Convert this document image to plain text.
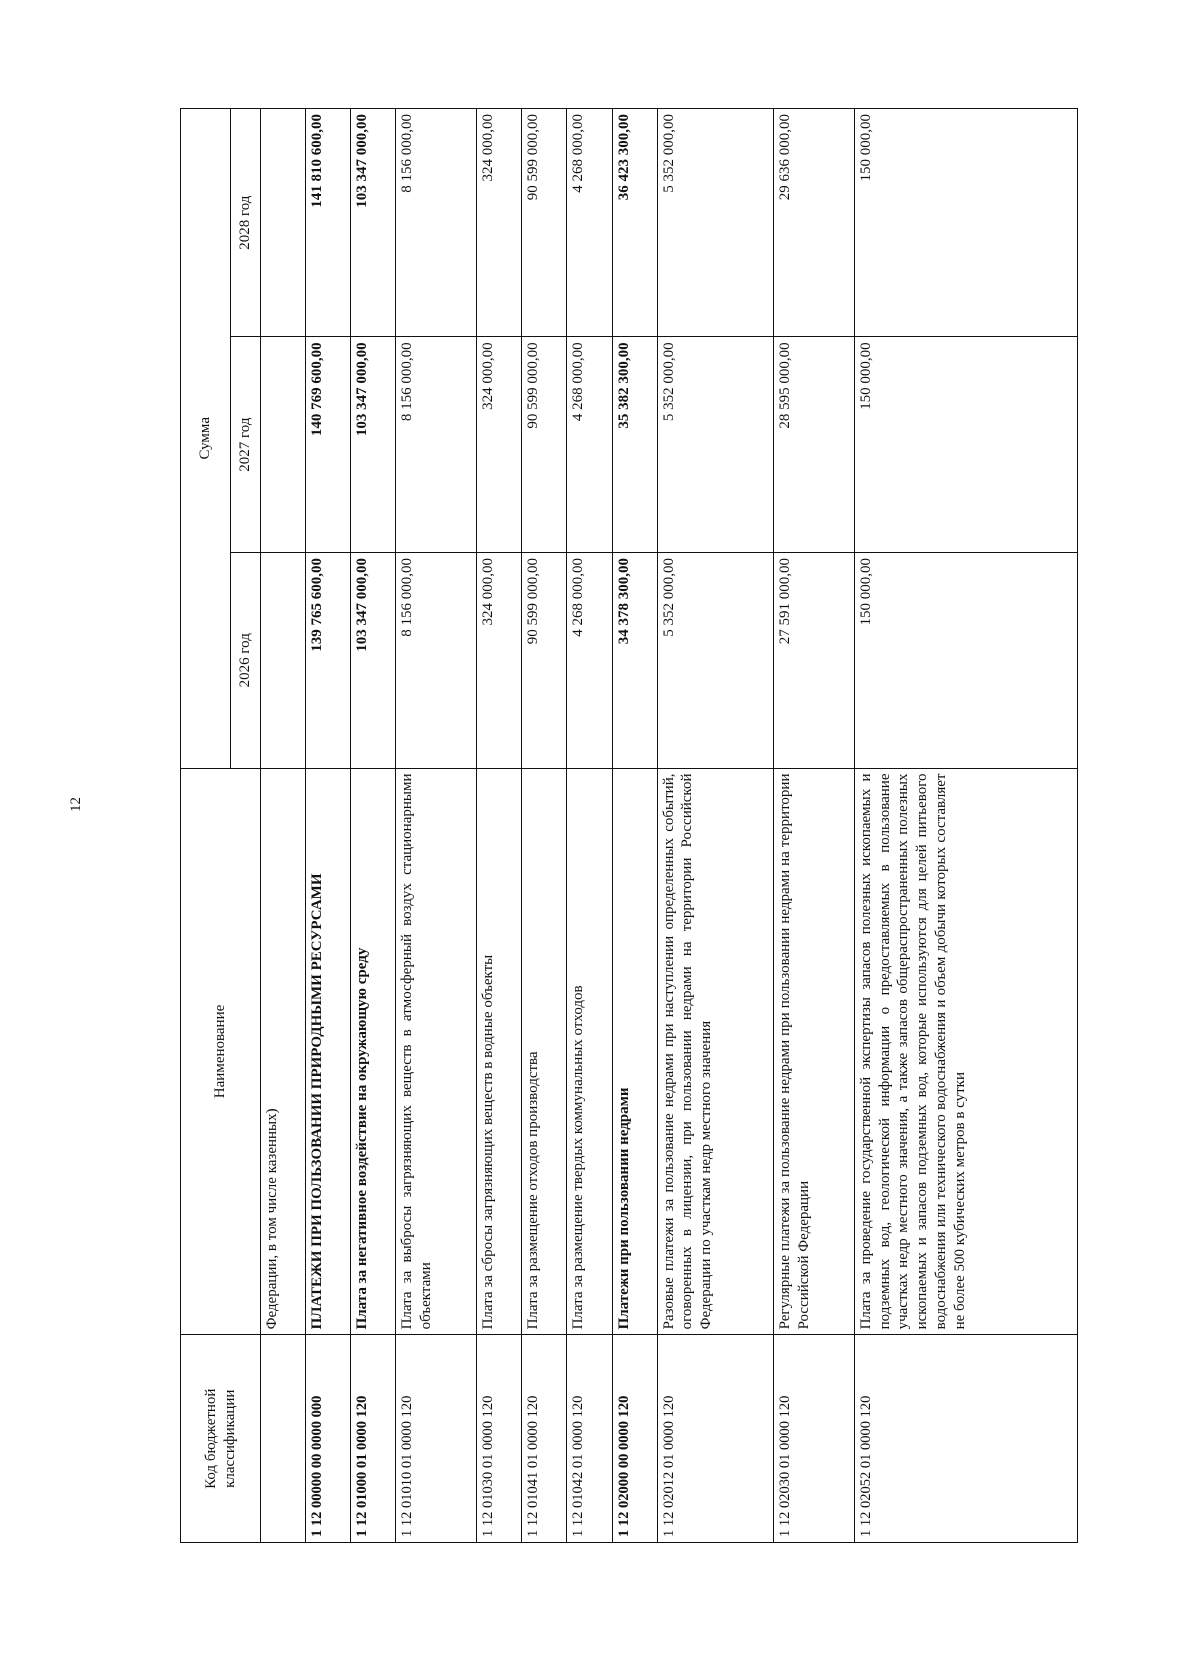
12
Код бюджетной классификации	Наименование	Сумма		
		2026 год	2027 год	2028 год
	Федерации, в том числе казенных)			
1 12 00000 00 0000 000	ПЛАТЕЖИ ПРИ ПОЛЬЗОВАНИИ ПРИРОДНЫМИ РЕСУРСАМИ	139 765 600,00	140 769 600,00	141 810 600,00
1 12 01000 01 0000 120	Плата за негативное воздействие на окружающую среду	103 347 000,00	103 347 000,00	103 347 000,00
1 12 01010 01 0000 120	Плата за выбросы загрязняющих веществ в атмосферный воздух стационарными объектами	8 156 000,00	8 156 000,00	8 156 000,00
1 12 01030 01 0000 120	Плата за сбросы загрязняющих веществ в водные объекты	324 000,00	324 000,00	324 000,00
1 12 01041 01 0000 120	Плата за размещение отходов производства	90 599 000,00	90 599 000,00	90 599 000,00
1 12 01042 01 0000 120	Плата за размещение твердых коммунальных отходов	4 268 000,00	4 268 000,00	4 268 000,00
1 12 02000 00 0000 120	Платежи при пользовании недрами	34 378 300,00	35 382 300,00	36 423 300,00
1 12 02012 01 0000 120	Разовые платежи за пользование недрами при наступлении определенных событий, оговоренных в лицензии, при пользовании недрами на территории Российской Федерации по участкам недр местного значения	5 352 000,00	5 352 000,00	5 352 000,00
1 12 02030 01 0000 120	Регулярные платежи за пользование недрами при пользовании недрами на территории Российской Федерации	27 591 000,00	28 595 000,00	29 636 000,00
1 12 02052 01 0000 120	Плата за проведение государственной экспертизы запасов полезных ископаемых и подземных вод, геологической информации о предоставляемых в пользование участках недр местного значения, а также запасов общераспространенных полезных ископаемых и запасов подземных вод, которые используются для целей питьевого водоснабжения или технического водоснабжения и объем добычи которых составляет не более 500 кубических метров в сутки	150 000,00	150 000,00	150 000,00
